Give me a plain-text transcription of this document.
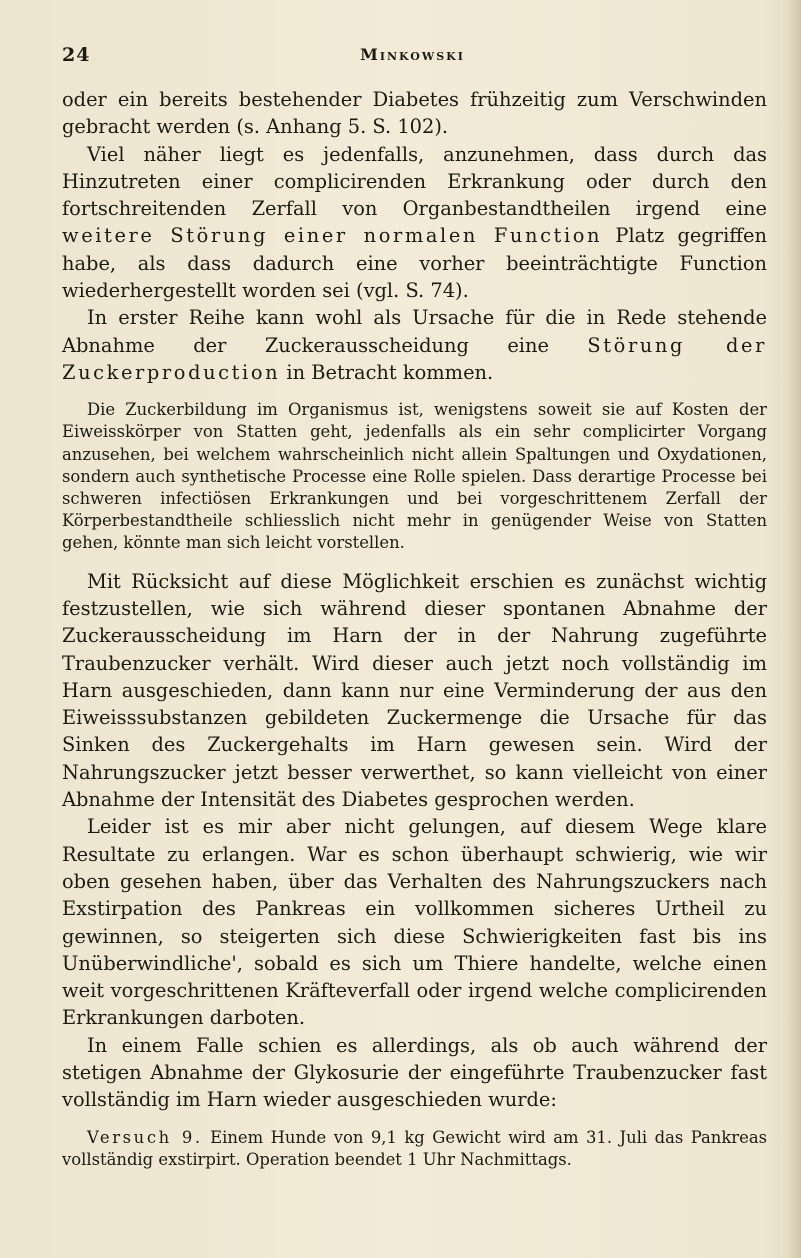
24	Minkowski

oder ein bereits bestehender Diabetes frühzeitig zum Verschwinden gebracht werden (s. Anhang 5. S. 102).

Viel näher liegt es jedenfalls, anzunehmen, dass durch das Hinzutreten einer complicirenden Erkrankung oder durch den fortschreitenden Zerfall von Organbestandtheilen irgend eine weitere Störung einer normalen Function Platz gegriffen habe, als dass dadurch eine vorher beeinträchtigte Function wiederhergestellt worden sei (vgl. S. 74).

In erster Reihe kann wohl als Ursache für die in Rede stehende Abnahme der Zuckerausscheidung eine Störung der Zuckerproduction in Betracht kommen.

Die Zuckerbildung im Organismus ist, wenigstens soweit sie auf Kosten der Eiweisskörper von Statten geht, jedenfalls als ein sehr complicirter Vorgang anzusehen, bei welchem wahrscheinlich nicht allein Spaltungen und Oxydationen, sondern auch synthetische Processe eine Rolle spielen. Dass derartige Processe bei schweren infectiösen Erkrankungen und bei vorgeschrittenem Zerfall der Körperbestandtheile schliesslich nicht mehr in genügender Weise von Statten gehen, könnte man sich leicht vorstellen.

Mit Rücksicht auf diese Möglichkeit erschien es zunächst wichtig festzustellen, wie sich während dieser spontanen Abnahme der Zuckerausscheidung im Harn der in der Nahrung zugeführte Traubenzucker verhält. Wird dieser auch jetzt noch vollständig im Harn ausgeschieden, dann kann nur eine Verminderung der aus den Eiweisssubstanzen gebildeten Zuckermenge die Ursache für das Sinken des Zuckergehalts im Harn gewesen sein. Wird der Nahrungszucker jetzt besser verwerthet, so kann vielleicht von einer Abnahme der Intensität des Diabetes gesprochen werden.

Leider ist es mir aber nicht gelungen, auf diesem Wege klare Resultate zu erlangen. War es schon überhaupt schwierig, wie wir oben gesehen haben, über das Verhalten des Nahrungszuckers nach Exstirpation des Pankreas ein vollkommen sicheres Urtheil zu gewinnen, so steigerten sich diese Schwierigkeiten fast bis ins Unüberwindliche', sobald es sich um Thiere handelte, welche einen weit vorgeschrittenen Kräfteverfall oder irgend welche complicirenden Erkrankungen darboten.

In einem Falle schien es allerdings, als ob auch während der stetigen Abnahme der Glykosurie der eingeführte Traubenzucker fast vollständig im Harn wieder ausgeschieden wurde:

Versuch 9. Einem Hunde von 9,1 kg Gewicht wird am 31. Juli das Pankreas vollständig exstirpirt. Operation beendet 1 Uhr Nachmittags.
